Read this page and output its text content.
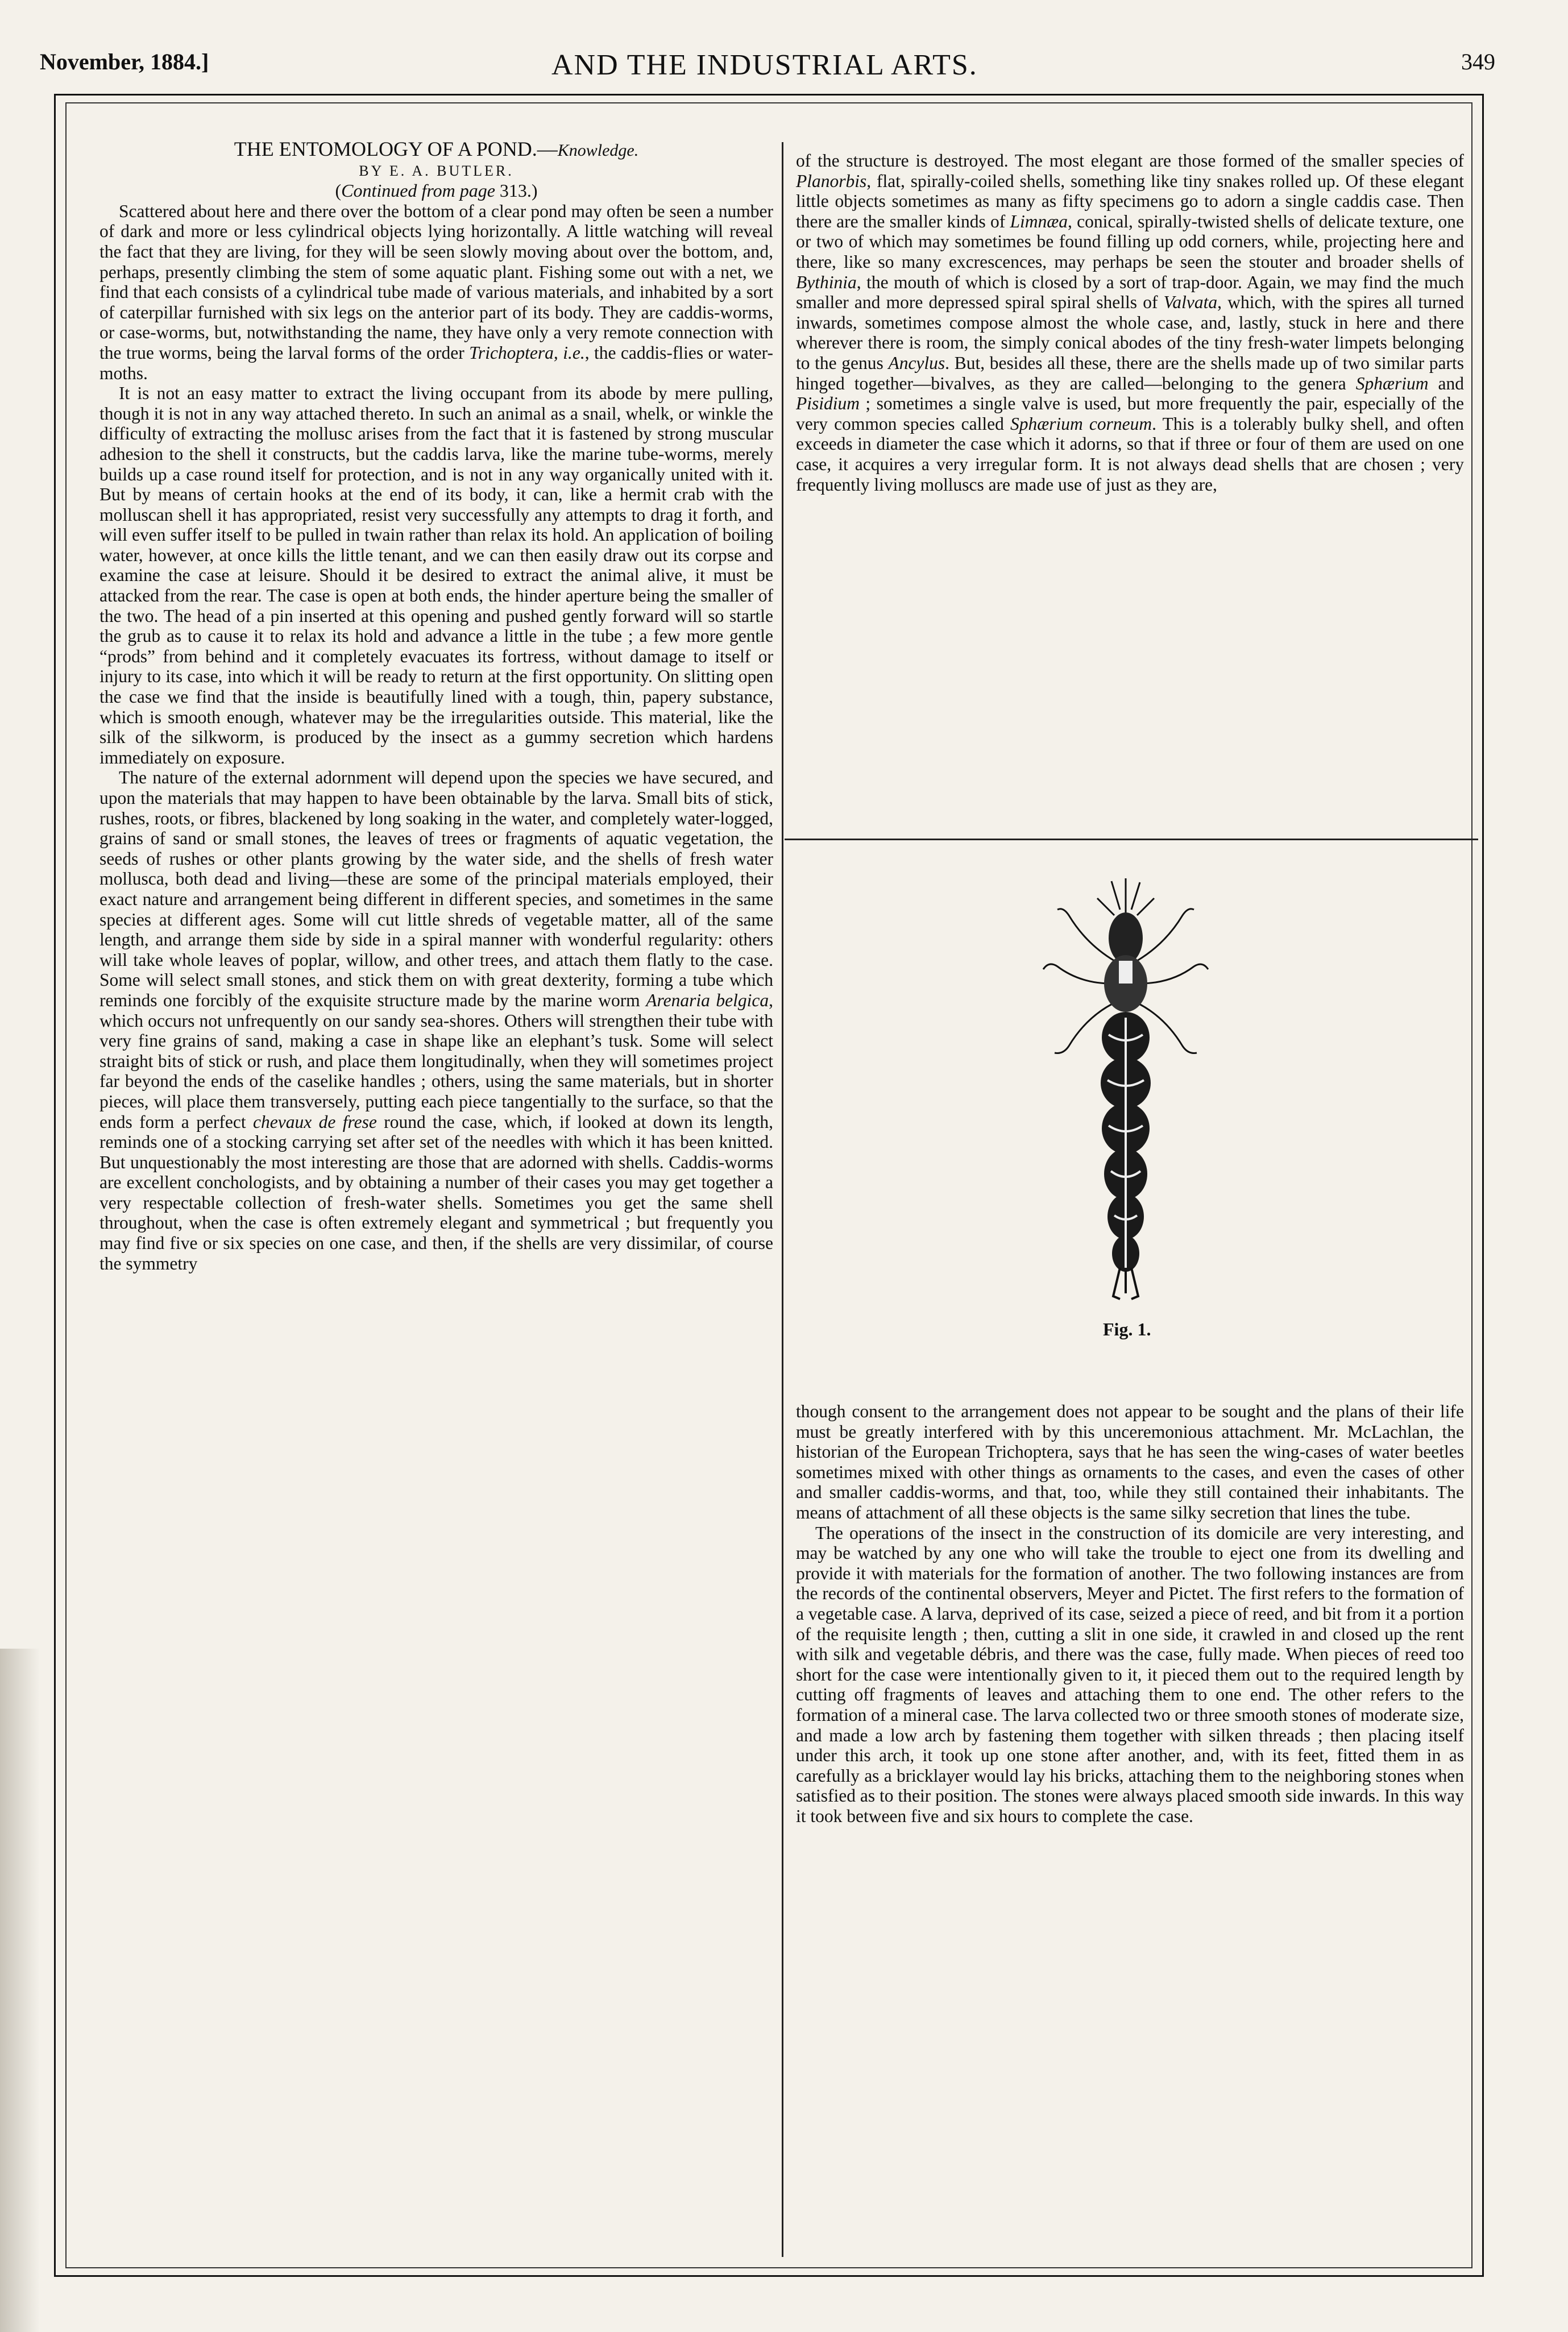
November, 1884.]	AND THE INDUSTRIAL ARTS.	349

THE ENTOMOLOGY OF A POND.—Knowledge.

BY E. A. BUTLER.

(Continued from page 313.)

Scattered about here and there over the bottom of a clear pond may often be seen a number of dark and more or less cylindrical objects lying horizontally. A little watching will reveal the fact that they are living, for they will be seen slowly moving about over the bottom, and, perhaps, presently climbing the stem of some aquatic plant. Fishing some out with a net, we find that each consists of a cylindrical tube made of various materials, and inhabited by a sort of caterpillar furnished with six legs on the anterior part of its body. They are caddis-worms, or case-worms, but, notwithstanding the name, they have only a very remote connection with the true worms, being the larval forms of the order Trichoptera, i.e., the caddis-flies or water-moths.

It is not an easy matter to extract the living occupant from its abode by mere pulling, though it is not in any way attached thereto. In such an animal as a snail, whelk, or winkle the difficulty of extracting the mollusc arises from the fact that it is fastened by strong muscular adhesion to the shell it constructs, but the caddis larva, like the marine tube-worms, merely builds up a case round itself for protection, and is not in any way organically united with it. But by means of certain hooks at the end of its body, it can, like a hermit crab with the molluscan shell it has appropriated, resist very successfully any attempts to drag it forth, and will even suffer itself to be pulled in twain rather than relax its hold. An application of boiling water, however, at once kills the little tenant, and we can then easily draw out its corpse and examine the case at leisure. Should it be desired to extract the animal alive, it must be attacked from the rear. The case is open at both ends, the hinder aperture being the smaller of the two. The head of a pin inserted at this opening and pushed gently forward will so startle the grub as to cause it to relax its hold and advance a little in the tube ; a few more gentle “prods” from behind and it completely evacuates its fortress, without damage to itself or injury to its case, into which it will be ready to return at the first opportunity. On slitting open the case we find that the inside is beautifully lined with a tough, thin, papery substance, which is smooth enough, whatever may be the irregularities outside. This material, like the silk of the silkworm, is produced by the insect as a gummy secretion which hardens immediately on exposure.

The nature of the external adornment will depend upon the species we have secured, and upon the materials that may happen to have been obtainable by the larva. Small bits of stick, rushes, roots, or fibres, blackened by long soaking in the water, and completely water-logged, grains of sand or small stones, the leaves of trees or fragments of aquatic vegetation, the seeds of rushes or other plants growing by the water side, and the shells of fresh water mollusca, both dead and living—these are some of the principal materials employed, their exact nature and arrangement being different in different species, and sometimes in the same species at different ages. Some will cut little shreds of vegetable matter, all of the same length, and arrange them side by side in a spiral manner with wonderful regularity: others will take whole leaves of poplar, willow, and other trees, and attach them flatly to the case. Some will select small stones, and stick them on with great dexterity, forming a tube which reminds one forcibly of the exquisite structure made by the marine worm Arenaria belgica, which occurs not unfrequently on our sandy sea-shores. Others will strengthen their tube with very fine grains of sand, making a case in shape like an elephant’s tusk. Some will select straight bits of stick or rush, and place them longitudinally, when they will sometimes project far beyond the ends of the caselike handles ; others, using the same materials, but in shorter pieces, will place them transversely, putting each piece tangentially to the surface, so that the ends form a perfect chevaux de frese round the case, which, if looked at down its length, reminds one of a stocking carrying set after set of the needles with which it has been knitted. But unquestionably the most interesting are those that are adorned with shells. Caddis-worms are excellent conchologists, and by obtaining a number of their cases you may get together a very respectable collection of fresh-water shells. Sometimes you get the same shell throughout, when the case is often extremely elegant and symmetrical ; but frequently you may find five or six species on one case, and then, if the shells are very dissimilar, of course the symmetry

of the structure is destroyed. The most elegant are those formed of the smaller species of Planorbis, flat, spirally-coiled shells, something like tiny snakes rolled up. Of these elegant little objects sometimes as many as fifty specimens go to adorn a single caddis case. Then there are the smaller kinds of Limnæa, conical, spirally-twisted shells of delicate texture, one or two of which may sometimes be found filling up odd corners, while, projecting here and there, like so many excrescences, may perhaps be seen the stouter and broader shells of Bythinia, the mouth of which is closed by a sort of trap-door. Again, we may find the much smaller and more depressed spiral spiral shells of Valvata, which, with the spires all turned inwards, sometimes compose almost the whole case, and, lastly, stuck in here and there wherever there is room, the simply conical abodes of the tiny fresh-water limpets belonging to the genus Ancylus. But, besides all these, there are the shells made up of two similar parts hinged together—bivalves, as they are called—belonging to the genera Sphærium and Pisidium ; sometimes a single valve is used, but more frequently the pair, especially of the very common species called Sphærium corneum. This is a tolerably bulky shell, and often exceeds in diameter the case which it adorns, so that if three or four of them are used on one case, it acquires a very irregular form. It is not always dead shells that are chosen ; very frequently living molluscs are made use of just as they are,

Fig. 1.

though consent to the arrangement does not appear to be sought and the plans of their life must be greatly interfered with by this unceremonious attachment. Mr. McLachlan, the historian of the European Trichoptera, says that he has seen the wing-cases of water beetles sometimes mixed with other things as ornaments to the cases, and even the cases of other and smaller caddis-worms, and that, too, while they still contained their inhabitants. The means of attachment of all these objects is the same silky secretion that lines the tube.

The operations of the insect in the construction of its domicile are very interesting, and may be watched by any one who will take the trouble to eject one from its dwelling and provide it with materials for the formation of another. The two following instances are from the records of the continental observers, Meyer and Pictet. The first refers to the formation of a vegetable case. A larva, deprived of its case, seized a piece of reed, and bit from it a portion of the requisite length ; then, cutting a slit in one side, it crawled in and closed up the rent with silk and vegetable débris, and there was the case, fully made. When pieces of reed too short for the case were intentionally given to it, it pieced them out to the required length by cutting off fragments of leaves and attaching them to one end. The other refers to the formation of a mineral case. The larva collected two or three smooth stones of moderate size, and made a low arch by fastening them together with silken threads ; then placing itself under this arch, it took up one stone after another, and, with its feet, fitted them in as carefully as a bricklayer would lay his bricks, attaching them to the neighboring stones when satisfied as to their position. The stones were always placed smooth side inwards. In this way it took between five and six hours to complete the case.
